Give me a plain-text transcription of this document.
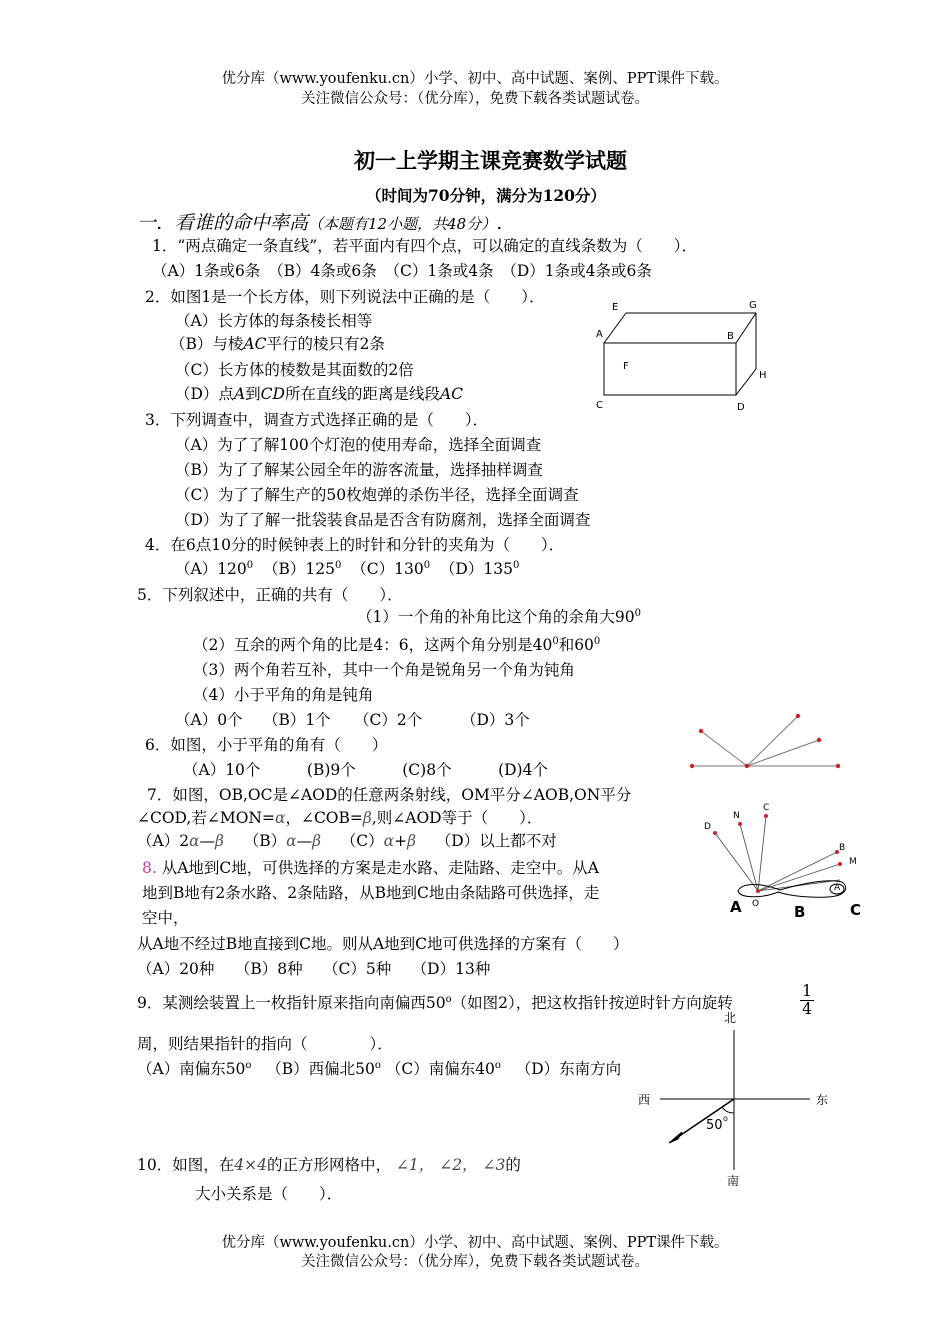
优分库（www.youfenku.cn）小学、初中、高中试题、案例、PPT课件下载。
关注微信公众号：（优分库），免费下载各类试题试卷。
初一上学期主课竞赛数学试题
（时间为70分钟，满分为120分）
一．看谁的命中率高（本题有12小题，共48分）.
1．“两点确定一条直线”，若平面内有四个点，可以确定的直线条数为（　　）．
（A）1条或6条　（B）4条或6条　（C）1条或4条　（D）1条或4条或6条
2．如图1是一个长方体，则下列说法中正确的是（　　）．
（A）长方体的每条棱长相等
（B）与棱AC平行的棱只有2条
（C）长方体的棱数是其面数的2倍
（D）点A到CD所在直线的距离是线段AC
E	G
A	B
F
H
C	D
3．下列调查中，调查方式选择正确的是（　　）．
（A）为了了解100个灯泡的使用寿命，选择全面调查
（B）为了了解某公园全年的游客流量，选择抽样调查
（C）为了了解生产的50枚炮弹的杀伤半径，选择全面调查
（D）为了了解一批袋装食品是否含有防腐剂，选择全面调查
4．在6点10分的时候钟表上的时针和分针的夹角为（　　）．
$(A)120^0$ $(B)125^0$ $(C)130^0$ $(D)135^0$
5．下列叙述中，正确的共有（　　）．
（1）一个角的补角比这个角的余角大$90^0$
（2）互余的两个角的比是4：6，这两个角分别是$40^0$和$60^0$
（3）两个角若互补，其中一个角是锐角另一个角为钝角
（4）小于平角的角是钝角
（A）0个　 （B）1个　　（C）2个　　　（D）3个
6．如图，小于平角的角有（　　）
（A）10个　　　(B)9个　　　(C)8个　　　(D)4个
7．如图，OB,OC是∠AOD的任意两条射线，OM平分∠AOB,ON平分
∠COD,若∠MON=α，∠COB=β,则∠AOD等于（　　）．
（A）2α—β （B）α—β （C）α+β （D）以上都不对
C
N
D
B
M
A
O
A	B	C
8. 从A地到C地，可供选择的方案是走水路、走陆路、走空中。从A
地到B地有2条水路、2条陆路，从B地到C地由条陆路可供选择，走
空中，
从A地不经过B地直接到C地。则从A地到C地可供选择的方案有（　　）
（A）20种　 （B）8种　 （C）5种　 （D）13种
9．某测绘装置上一枚指针原来指向南偏西50$^o$（如图2），把这枚指针按逆时针方向旋转	$\frac{1}{4}$
周，则结果指针的指向（　　　　）．
（A）南偏东50$^o$ （B）西偏北50$^o$ （C）南偏东40$^o$ （D）东南方向
北
南
西	东
50 o
10．如图，在4×4的正方形网格中， ∠1， ∠2， ∠3的
大小关系是（　　）．
优分库（www.youfenku.cn）小学、初中、高中试题、案例、PPT课件下载。
关注微信公众号：（优分库），免费下载各类试题试卷。
